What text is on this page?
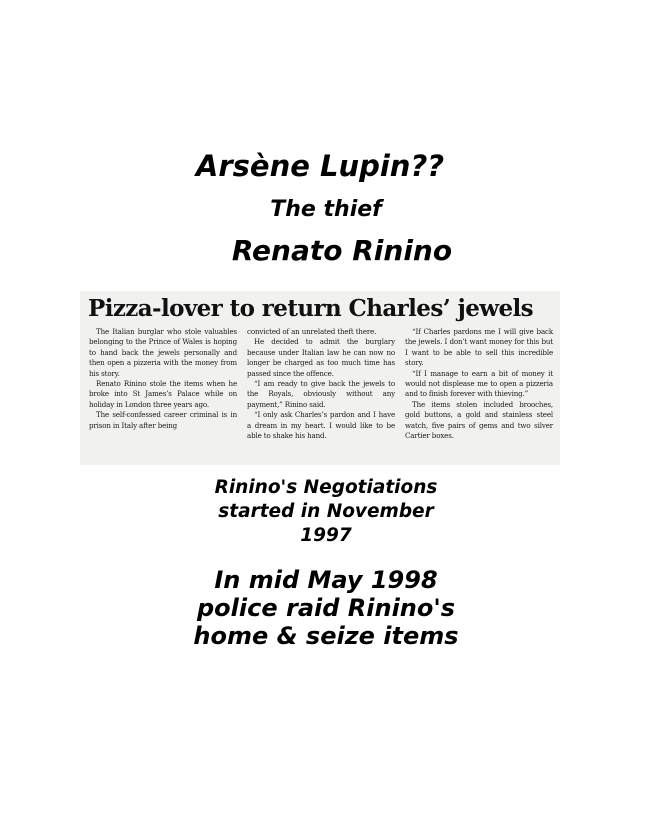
Arsène Lupin??
The thief
Renato Rinino
Pizza-lover to return Charles’ jewels

The Italian burglar who stole valuables belonging to the Prince of Wales is hoping to hand back the jewels personally and then open a pizzeria with the money from his story.

Renato Rinino stole the items when he broke into St James’s Palace while on holiday in London three years ago.

The self-confessed career criminal is in prison in Italy after being

convicted of an unrelated theft there.

He decided to admit the burglary because under Italian law he can now no longer be charged as too much time has passed since the offence.

“I am ready to give back the jewels to the Royals, obviously without any payment,” Rinino said.

“I only ask Charles’s pardon and I have a dream in my heart. I would like to be able to shake his hand.

“If Charles pardons me I will give back the jewels. I don’t want money for this but I want to be able to sell this incredible story.

“If I manage to earn a bit of money it would not displease me to open a pizzeria and to finish forever with thieving.”

The items stolen included brooches, gold buttons, a gold and stainless steel watch, five pairs of gems and two silver Cartier boxes.

Rinino's Negotiations
started in November
1997
In mid May 1998
police raid Rinino's
home & seize items
